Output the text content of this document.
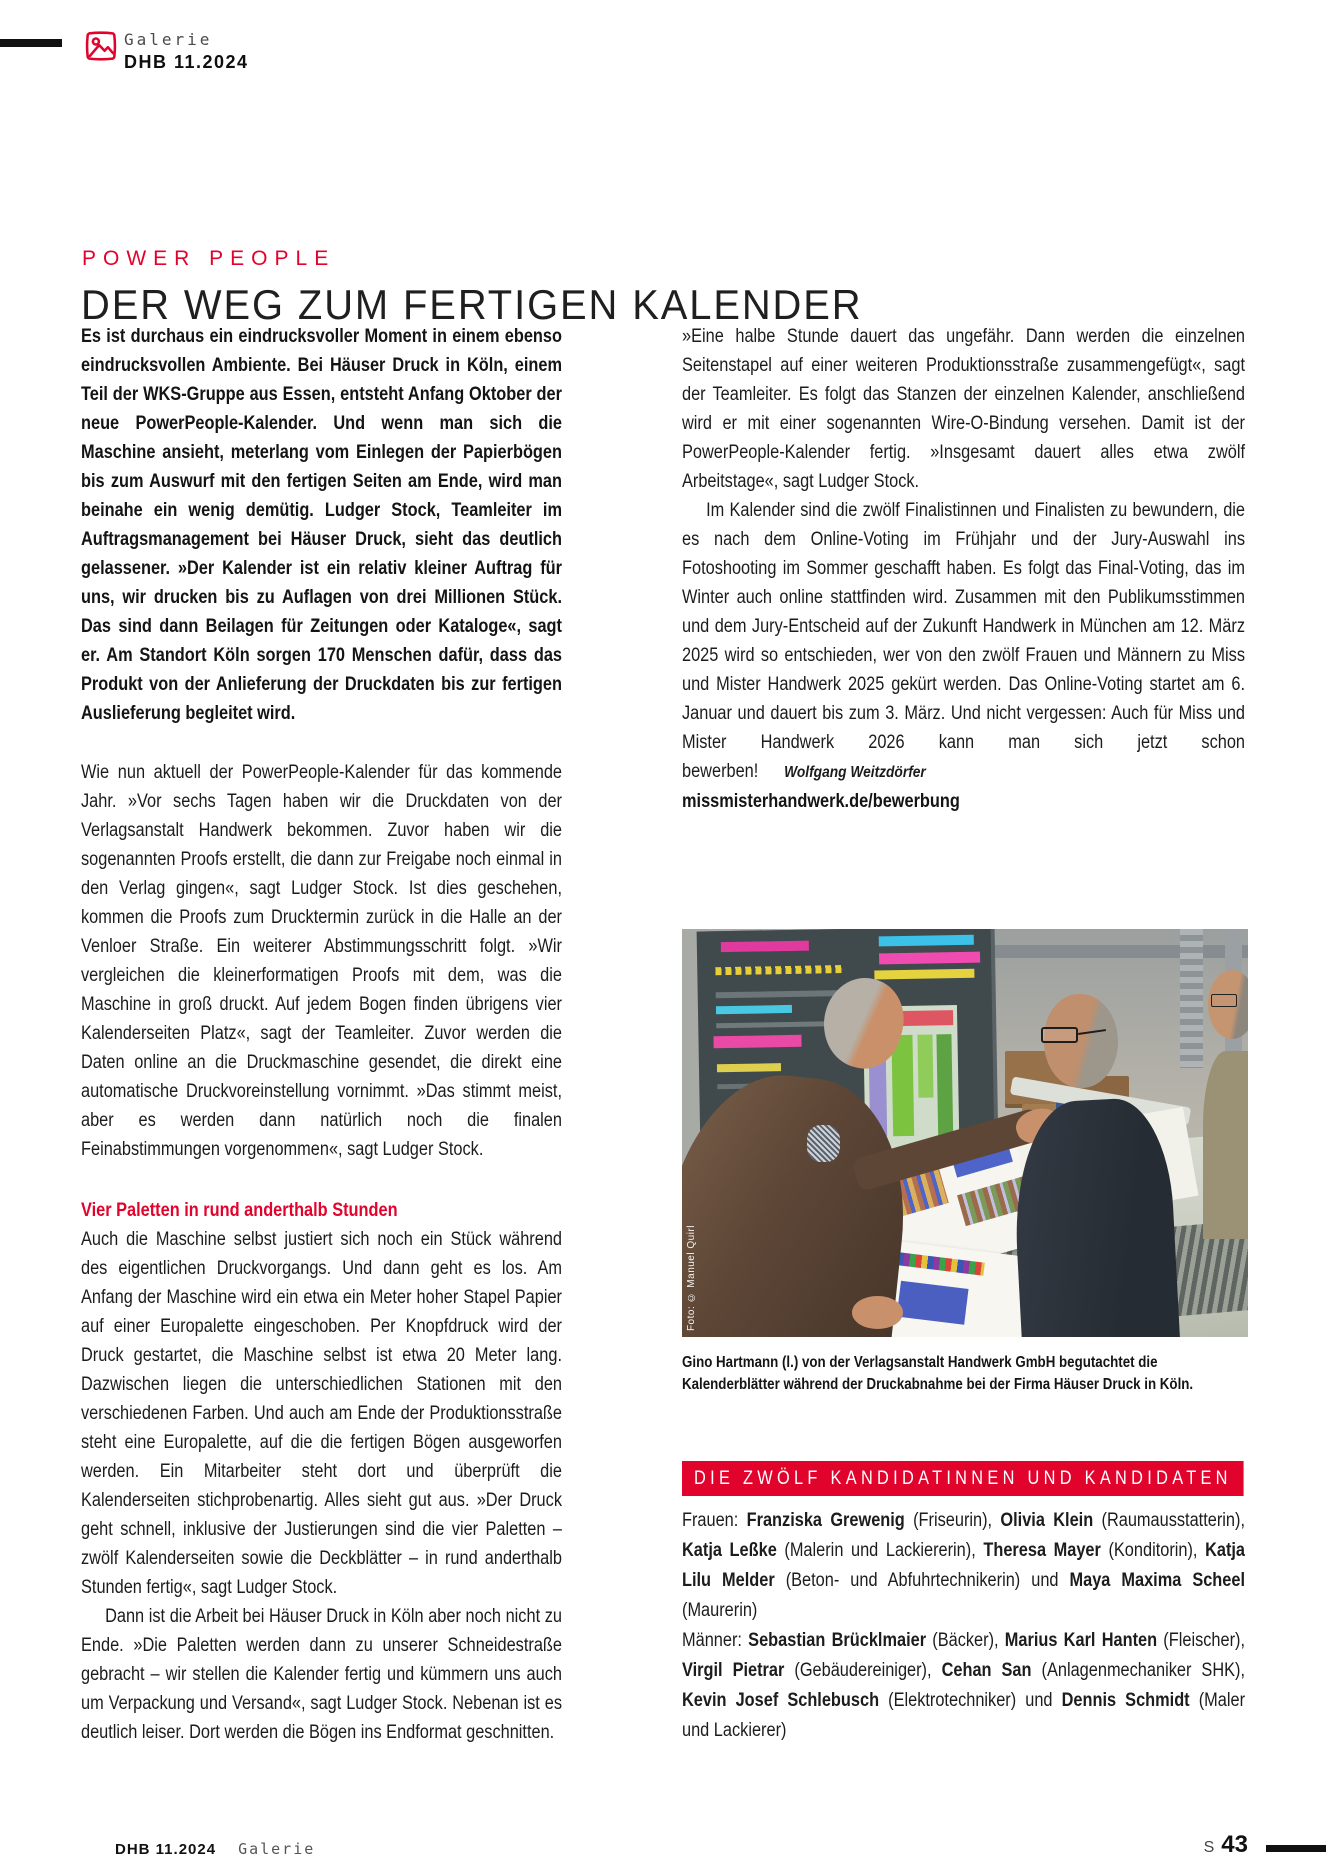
Galerie
DHB 11.2024
POWER PEOPLE
DER WEG ZUM FERTIGEN KALENDER

Es ist durchaus ein eindrucksvoller Moment in einem ebenso eindrucksvollen Ambiente. Bei Häuser Druck in Köln, einem Teil der WKS-Gruppe aus Essen, entsteht Anfang Oktober der neue PowerPeople-Kalender. Und wenn man sich die Maschine ansieht, meterlang vom Einlegen der Papierbögen bis zum Auswurf mit den fertigen Seiten am Ende, wird man beinahe ein wenig demütig. Ludger Stock, Teamleiter im Auftragsmanagement bei Häuser Druck, sieht das deutlich gelassener. »Der Kalender ist ein relativ kleiner Auftrag für uns, wir drucken bis zu Auflagen von drei Millionen Stück. Das sind dann Beilagen für Zeitungen oder Kataloge«, sagt er. Am Standort Köln sorgen 170 Menschen dafür, dass das Produkt von der Anlieferung der Druckdaten bis zur fertigen Auslieferung begleitet wird.

Wie nun aktuell der PowerPeople-Kalender für das kommende Jahr. »Vor sechs Tagen haben wir die Druckdaten von der Verlagsanstalt Handwerk bekommen. Zuvor haben wir die sogenannten Proofs erstellt, die dann zur Freigabe noch einmal in den Verlag gingen«, sagt Ludger Stock. Ist dies geschehen, kommen die Proofs zum Drucktermin zurück in die Halle an der Venloer Straße. Ein weiterer Abstimmungsschritt folgt. »Wir vergleichen die kleinerformatigen Proofs mit dem, was die Maschine in groß druckt. Auf jedem Bogen finden übrigens vier Kalenderseiten Platz«, sagt der Teamleiter. Zuvor werden die Daten online an die Druckmaschine gesendet, die direkt eine automatische Druckvoreinstellung vornimmt. »Das stimmt meist, aber es werden dann natürlich noch die finalen Feinabstimmungen vorgenommen«, sagt Ludger Stock.

Vier Paletten in rund anderthalb Stunden

Auch die Maschine selbst justiert sich noch ein Stück während des eigentlichen Druckvorgangs. Und dann geht es los. Am Anfang der Maschine wird ein etwa ein Meter hoher Stapel Papier auf einer Europalette eingeschoben. Per Knopfdruck wird der Druck gestartet, die Maschine selbst ist etwa 20 Meter lang. Dazwischen liegen die unterschiedlichen Stationen mit den verschiedenen Farben. Und auch am Ende der Produktionsstraße steht eine Europalette, auf die die fertigen Bögen ausgeworfen werden. Ein Mitarbeiter steht dort und überprüft die Kalenderseiten stichprobenartig. Alles sieht gut aus. »Der Druck geht schnell, inklusive der Justierungen sind die vier Paletten – zwölf Kalenderseiten sowie die Deckblätter – in rund anderthalb Stunden fertig«, sagt Ludger Stock.

Dann ist die Arbeit bei Häuser Druck in Köln aber noch nicht zu Ende. »Die Paletten werden dann zu unserer Schneidestraße gebracht – wir stellen die Kalender fertig und kümmern uns auch um Verpackung und Versand«, sagt Ludger Stock. Nebenan ist es deutlich leiser. Dort werden die Bögen ins Endformat geschnitten.

»Eine halbe Stunde dauert das ungefähr. Dann werden die einzelnen Seitenstapel auf einer weiteren Produktionsstraße zusammengefügt«, sagt der Teamleiter. Es folgt das Stanzen der einzelnen Kalender, anschließend wird er mit einer sogenannten Wire-O-Bindung versehen. Damit ist der PowerPeople-Kalender fertig. »Insgesamt dauert alles etwa zwölf Arbeitstage«, sagt Ludger Stock.

Im Kalender sind die zwölf Finalistinnen und Finalisten zu bewundern, die es nach dem Online-Voting im Frühjahr und der Jury-Auswahl ins Fotoshooting im Sommer geschafft haben. Es folgt das Final-Voting, das im Winter auch online stattfinden wird. Zusammen mit den Publikumsstimmen und dem Jury-Entscheid auf der Zukunft Handwerk in München am 12. März 2025 wird so entschieden, wer von den zwölf Frauen und Männern zu Miss und Mister Handwerk 2025 gekürt werden. Das Online-Voting startet am 6. Januar und dauert bis zum 3. März. Und nicht vergessen: Auch für Miss und Mister Handwerk 2026 kann man sich jetzt schon bewerben! Wolfgang Weitzdörfer

missmisterhandwerk.de/bewerbung

Foto: © Manuel Quirl
Gino Hartmann (l.) von der Verlagsanstalt Handwerk GmbH begutachtet die Kalenderblätter während der Druckabnahme bei der Firma Häuser Druck in Köln.
DIE ZWÖLF KANDIDATINNEN UND KANDIDATEN

Frauen: Franziska Grewenig (Friseurin), Olivia Klein (Raumausstatterin), Katja Leßke (Malerin und Lackiererin), Theresa Mayer (Konditorin), Katja Lilu Melder (Beton- und Abfuhrtechnikerin) und Maya Maxima Scheel (Maurerin)

Männer: Sebastian Brücklmaier (Bäcker), Marius Karl Hanten (Fleischer), Virgil Pietrar (Gebäudereiniger), Cehan San (Anlagenmechaniker SHK), Kevin Josef Schlebusch (Elektrotechniker) und Dennis Schmidt (Maler und Lackierer)

DHB 11.2024 Galerie	S 43
